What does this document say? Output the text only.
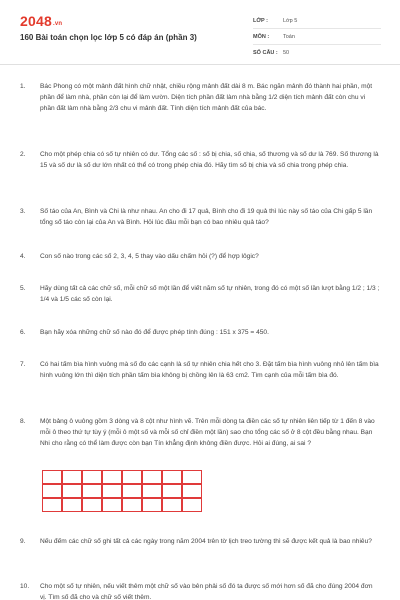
2048.vn
160 Bài toán chọn lọc lớp 5 có đáp án (phần 3)
LỚP :	Lớp 5
MÔN :	Toán
SỐ CÂU : 50
1.	Bác Phong có một mảnh đất hình chữ nhật, chiều rộng mảnh đất dài 8 m. Bác ngăn mảnh đó thành hai phần, một phần để làm nhà, phần còn lại để làm vườn. Diện tích phần đất làm nhà bằng 1/2 diện tích mảnh đất còn chu vi phần đất làm nhà bằng 2/3 chu vi mảnh đất. Tính diện tích mảnh đất của bác.
2.	Cho một phép chia có số tự nhiên có dư. Tổng các số : số bị chia, số chia, số thương và số dư là 769. Số thương là 15 và số dư là số dư lớn nhất có thể có trong phép chia đó. Hãy tìm số bị chia và số chia trong phép chia.
3.	Số táo của An, Bình và Chi là như nhau. An cho đi 17 quả, Bình cho đi 19 quả thì lúc này số táo của Chi gấp 5 lần tổng số táo còn lại của An và Bình. Hỏi lúc đầu mỗi bạn có bao nhiêu quả táo?
4.	Con số nào trong các số 2, 3, 4, 5 thay vào dấu chấm hỏi (?) để hợp lôgic?
5.	Hãy dùng tất cả các chữ số, mỗi chữ số một lần để viết năm số tự nhiên, trong đó có một số lần lượt bằng 1/2 ; 1/3 ; 1/4 và 1/5 các số còn lại.
6.	Bạn hãy xóa những chữ số nào đó để được phép tính đúng : 151 x 375 = 450.
7.	Có hai tấm bìa hình vuông mà số đo các cạnh là số tự nhiên chia hết cho 3. Đặt tấm bìa hình vuông nhỏ lên tấm bìa hình vuông lớn thì diện tích phần tấm bìa không bị chồng lên là 63 cm2. Tìm cạnh của mỗi tấm bìa đó.
8.	Một bảng ô vuông gồm 3 dòng và 8 cột như hình vẽ. Trên mỗi dòng ta điền các số tự nhiên liên tiếp từ 1 đến 8 vào mỗi ô theo thứ tự tùy ý (mỗi ô một số và mỗi số chỉ điền một lần) sao cho tổng các số ở 8 cột đều bằng nhau. Bạn Nhi cho rằng có thể làm được còn bạn Tín khẳng định không điền được. Hỏi ai đúng, ai sai ?
9.	Nếu đếm các chữ số ghi tất cả các ngày trong năm 2004 trên tờ lịch treo tường thì sẽ được kết quả là bao nhiêu?
10.	Cho một số tự nhiên, nếu viết thêm một chữ số vào bên phải số đó ta được số mới hơn số đã cho đúng 2004 đơn vị. Tìm số đã cho và chữ số viết thêm.
